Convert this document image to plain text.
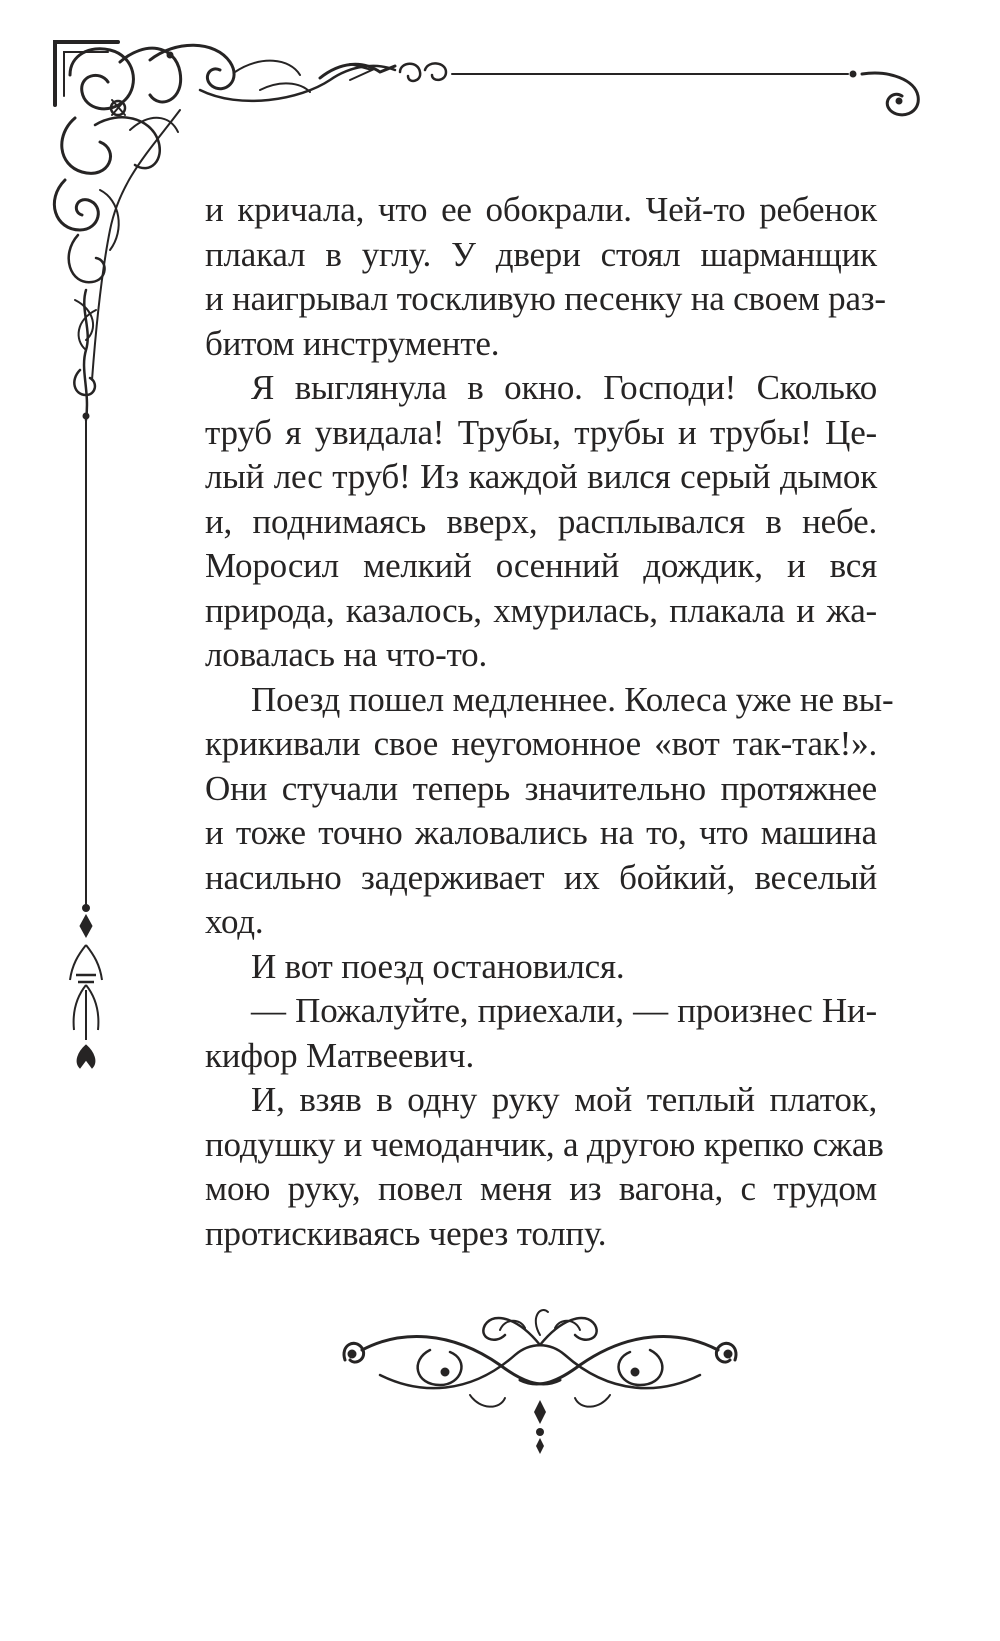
и кричала, что ее обокрали. Чей-то ребенок
плакал в углу. У двери стоял шарманщик
и наигрывал тоскливую песенку на своем раз-
битом инструменте.

Я выглянула в окно. Господи! Сколько
труб я увидала! Трубы, трубы и трубы! Це-
лый лес труб! Из каждой вился серый дымок
и, поднимаясь вверх, расплывался в небе.
Моросил мелкий осенний дождик, и вся
природа, казалось, хмурилась, плакала и жа-
ловалась на что-то.

Поезд пошел медленнее. Колеса уже не вы-
крикивали свое неугомонное «вот так-так!».
Они стучали теперь значительно протяжнее
и тоже точно жаловались на то, что машина
насильно задерживает их бойкий, веселый
ход.

И вот поезд остановился.

— Пожалуйте, приехали, — произнес Ни-
кифор Матвеевич.

И, взяв в одну руку мой теплый платок,
подушку и чемоданчик, а другою крепко сжав
мою руку, повел меня из вагона, с трудом
протискиваясь через толпу.
